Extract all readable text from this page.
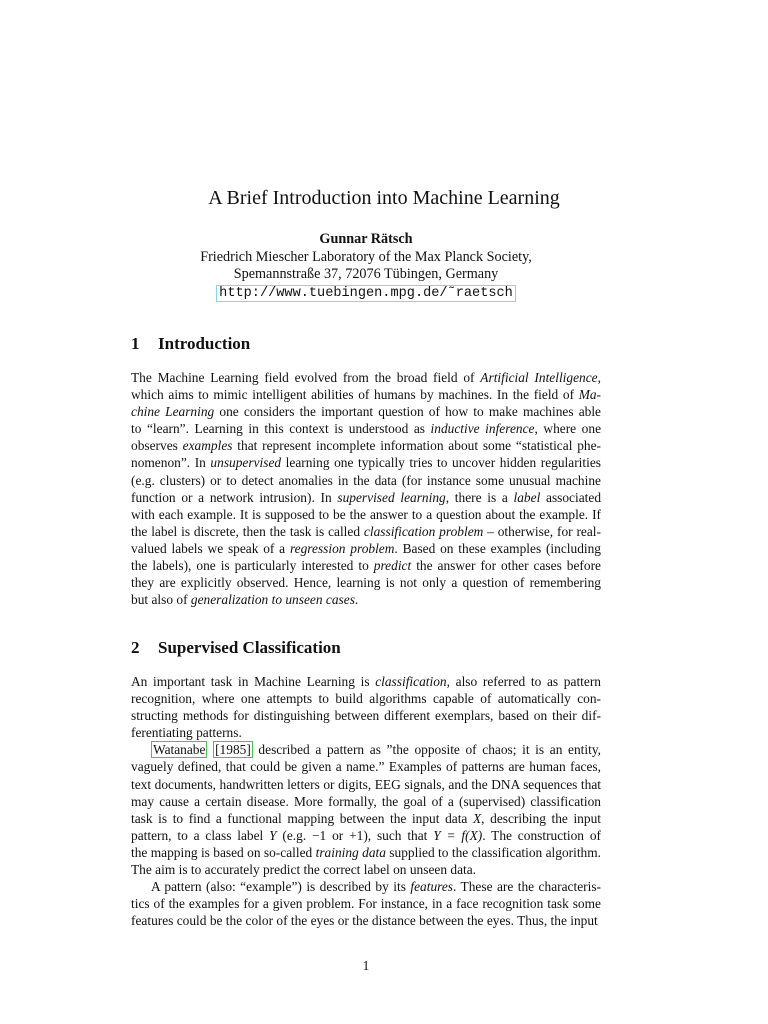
A Brief Introduction into Machine Learning
Gunnar Rätsch
Friedrich Miescher Laboratory of the Max Planck Society,
Spemannstraße 37, 72076 Tübingen, Germany
http://www.tuebingen.mpg.de/˜raetsch
1 Introduction
The Machine Learning field evolved from the broad field of Artificial Intelligence,
which aims to mimic intelligent abilities of humans by machines. In the field of Ma-
chine Learning one considers the important question of how to make machines able
to “learn”. Learning in this context is understood as inductive inference, where one
observes examples that represent incomplete information about some “statistical phe-
nomenon”. In unsupervised learning one typically tries to uncover hidden regularities
(e.g. clusters) or to detect anomalies in the data (for instance some unusual machine
function or a network intrusion). In supervised learning, there is a label associated
with each example. It is supposed to be the answer to a question about the example. If
the label is discrete, then the task is called classification problem – otherwise, for real-
valued labels we speak of a regression problem. Based on these examples (including
the labels), one is particularly interested to predict the answer for other cases before
they are explicitly observed. Hence, learning is not only a question of remembering
but also of generalization to unseen cases.
2 Supervised Classification
An important task in Machine Learning is classification, also referred to as pattern
recognition, where one attempts to build algorithms capable of automatically con-
structing methods for distinguishing between different exemplars, based on their dif-
ferentiating patterns.
Watanabe [1985] described a pattern as ”the opposite of chaos; it is an entity,
vaguely defined, that could be given a name.” Examples of patterns are human faces,
text documents, handwritten letters or digits, EEG signals, and the DNA sequences that
may cause a certain disease. More formally, the goal of a (supervised) classification
task is to find a functional mapping between the input data X, describing the input
pattern, to a class label Y (e.g. −1 or +1), such that Y = f(X). The construction of
the mapping is based on so-called training data supplied to the classification algorithm.
The aim is to accurately predict the correct label on unseen data.
A pattern (also: “example”) is described by its features. These are the characteris-
tics of the examples for a given problem. For instance, in a face recognition task some
features could be the color of the eyes or the distance between the eyes. Thus, the input
1
